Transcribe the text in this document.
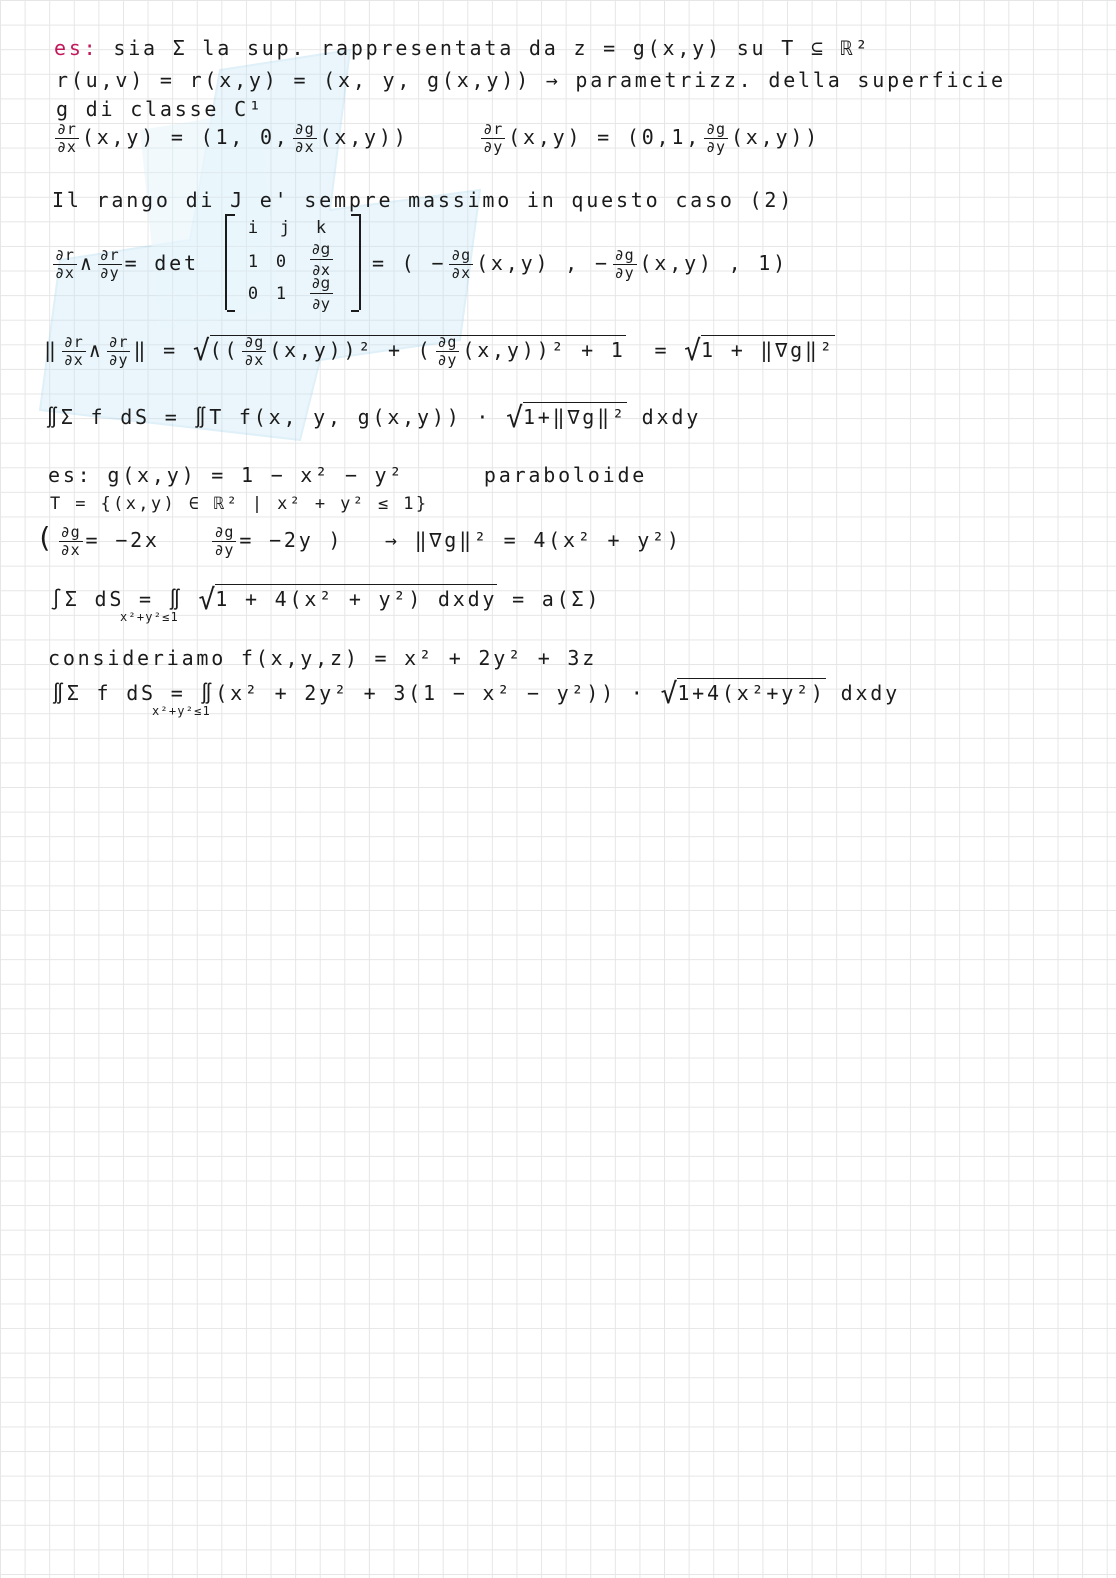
es: sia Σ la sup. rappresentata da z = g(x,y) su T ⊆ ℝ²
r(u,v) = r(x,y) = (x, y, g(x,y)) → parametrizz. della superficie
g di classe C¹
$\frac{\partial r}{\partial x} (x,y) = (1$, 0, $\frac{\partial g}{\partial x} (x,y)$)	$\frac{\partial r}{\partial y} (x,y) = (0,1$, $\frac{\partial g}{\partial y} (x,y)$)
Il rango di J e' sempre massimo in questo caso (2)
$\frac{\partial r}{\partial x}$ ∧ $\frac{\partial r}{\partial y} = \det$
i	j	k
1	0	$\frac{\partial g}{\partial x}$
0	1	$\frac{\partial g}{\partial y}$
= ( − $\frac{\partial g}{\partial x} (x,y)$ , − $\frac{\partial g}{\partial y} (x,y)$ , 1)
‖ $\frac{\partial r}{\partial x}$ ∧ $\frac{\partial r}{\partial y}$ ‖ = √(( $\frac{\partial g}{\partial x} (x,y))^2$ + ( $\frac{\partial g}{\partial y} (x,y))^2 + 1 = √1$ + ‖∇g‖²
∬Σ f dS = ∬T f(x, y, g(x,y)) · √1+‖∇g‖² dxdy
es: g(x,y) = 1 − x² − y²	paraboloide
T = {(x,y) ∈ ℝ² | x² + y² ≤ 1}
( $\frac{\partial g}{\partial x} = -2x$	$\frac{\partial g}{\partial y} = -2y$ ) → ‖∇g‖² = 4(x² + y²)
∫Σ dS = ∬ √1 + 4(x² + y²) dxdy = a(Σ)
x²+y²≤1
consideriamo f(x,y,z) = x² + 2y² + 3z
∬Σ f dS = ∬(x² + 2y² + 3(1 − x² − y²)) · √1+4(x²+y²) dxdy
x²+y²≤1
